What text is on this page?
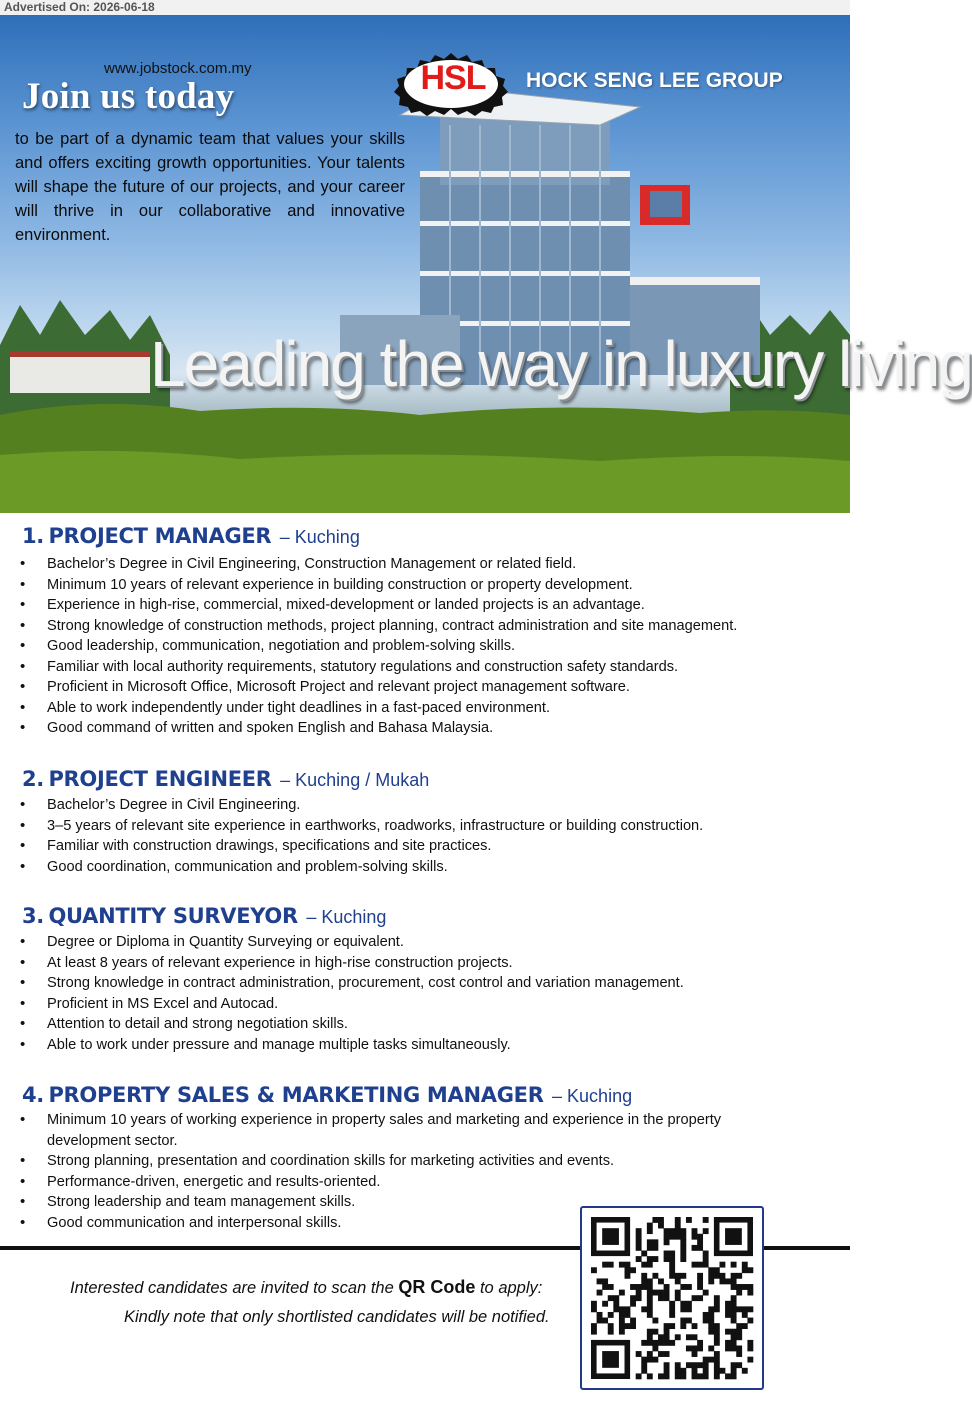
Advertised On: 2026-06-18
www.jobstock.com.my
Join us today
to be part of a dynamic team that values your skills and offers exciting growth opportunities. Your talents will shape the future of our projects, and your career will thrive in our collaborative and innovative environment.
HSL	HOCK SENG LEE GROUP
Leading the way in luxury living
1. PROJECT MANAGER – Kuching
• Bachelor’s Degree in Civil Engineering, Construction Management or related field.
• Minimum 10 years of relevant experience in building construction or property development.
• Experience in high-rise, commercial, mixed-development or landed projects is an advantage.
• Strong knowledge of construction methods, project planning, contract administration and site management.
• Good leadership, communication, negotiation and problem-solving skills.
• Familiar with local authority requirements, statutory regulations and construction safety standards.
• Proficient in Microsoft Office, Microsoft Project and relevant project management software.
• Able to work independently under tight deadlines in a fast-paced environment.
• Good command of written and spoken English and Bahasa Malaysia.
2. PROJECT ENGINEER – Kuching / Mukah
• Bachelor’s Degree in Civil Engineering.
• 3–5 years of relevant site experience in earthworks, roadworks, infrastructure or building construction.
• Familiar with construction drawings, specifications and site practices.
• Good coordination, communication and problem-solving skills.
3. QUANTITY SURVEYOR – Kuching
• Degree or Diploma in Quantity Surveying or equivalent.
• At least 8 years of relevant experience in high-rise construction projects.
• Strong knowledge in contract administration, procurement, cost control and variation management.
• Proficient in MS Excel and Autocad.
• Attention to detail and strong negotiation skills.
• Able to work under pressure and manage multiple tasks simultaneously.
4. PROPERTY SALES & MARKETING MANAGER – Kuching
• Minimum 10 years of working experience in property sales and marketing and experience in the property development sector.
• Strong planning, presentation and coordination skills for marketing activities and events.
• Performance-driven, energetic and results-oriented.
• Strong leadership and team management skills.
• Good communication and interpersonal skills.
Interested candidates are invited to scan the QR Code to apply:
Kindly note that only shortlisted candidates will be notified.
